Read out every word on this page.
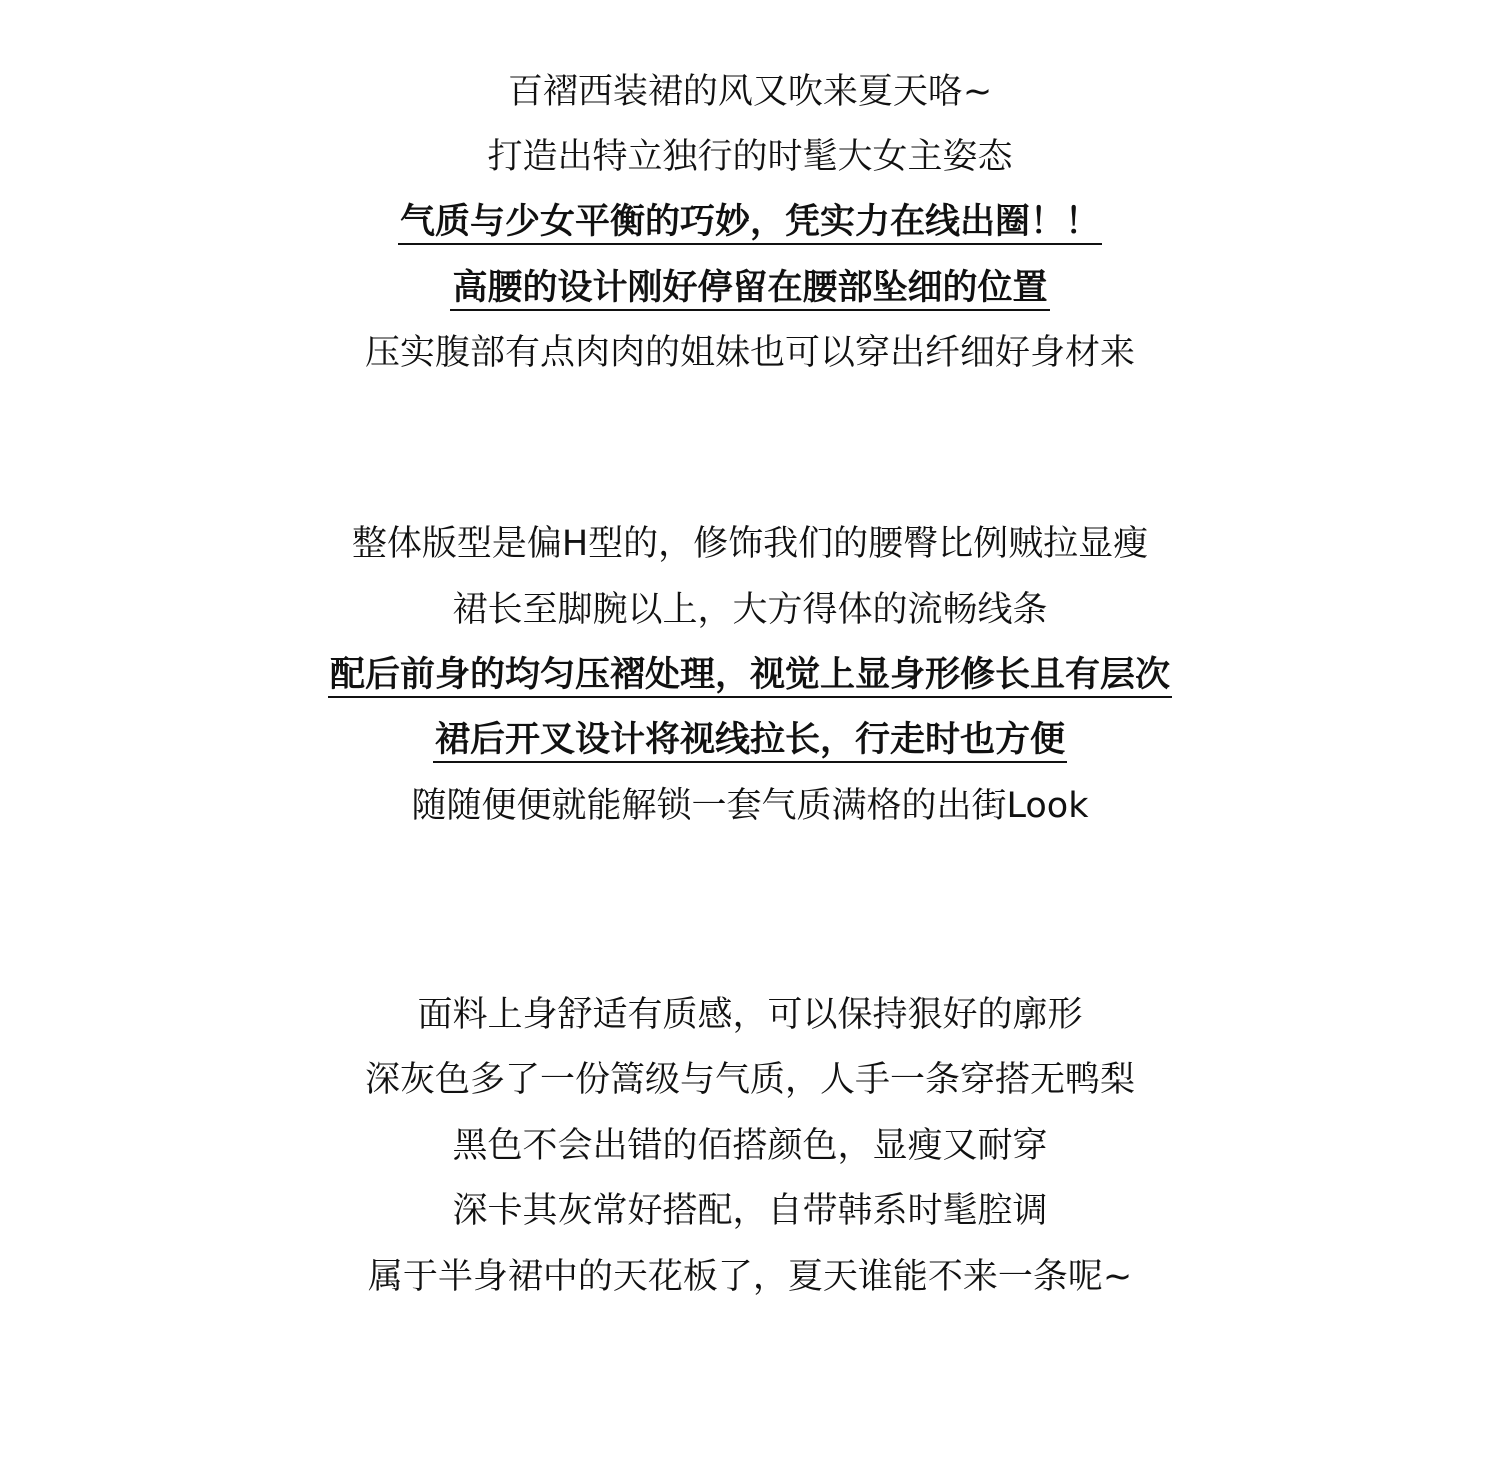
百褶西装裙的风又吹来夏天咯~
打造出特立独行的时髦大女主姿态
气质与少女平衡的巧妙，凭实力在线出圈！！
高腰的设计刚好停留在腰部坠细的位置
压实腹部有点肉肉的姐妹也可以穿出纤细好身材来
整体版型是偏H型的，修饰我们的腰臀比例贼拉显瘦
裙长至脚腕以上，大方得体的流畅线条
配后前身的均匀压褶处理，视觉上显身形修长且有层次
裙后开叉设计将视线拉长，行走时也方便
随随便便就能解锁一套气质满格的出街Look
面料上身舒适有质感，可以保持狠好的廓形
深灰色多了一份篙级与气质，人手一条穿搭无鸭梨
黑色不会出错的佰搭颜色，显瘦又耐穿
深卡其灰常好搭配，自带韩系时髦腔调
属于半身裙中的天花板了，夏天谁能不来一条呢~
